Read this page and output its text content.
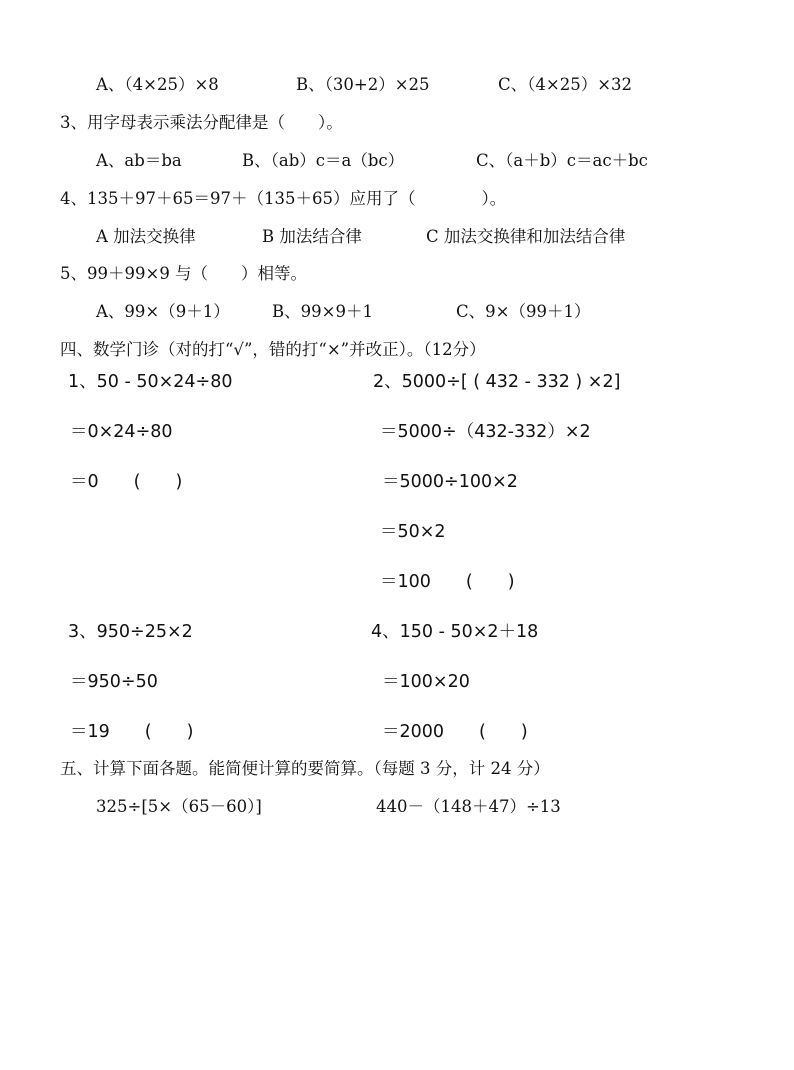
A、（4×25）×8	B、（30+2）×25	C、（4×25）×32
3、用字母表示乘法分配律是（　　）。
A、ab＝ba	B、（ab）c＝a（bc）	C、（a＋b）c＝ac＋bc
4、135＋97＋65＝97＋（135＋65）应用了（　　　　）。
A 加法交换律	B 加法结合律	C 加法交换律和加法结合律
5、99＋99×9 与（　　）相等。
A、99×（9＋1）	B、99×9＋1	C、9×（99＋1）
四、数学门诊（对的打“√”，错的打“×”并改正）。（12分）
1、50 - 50×24÷80
＝0×24÷80
＝0　　(　　)
2、5000÷[ ( 432 - 332 ) ×2]
＝5000÷（432-332）×2
＝5000÷100×2
＝50×2
＝100　　(　　)
3、950÷25×2
＝950÷50
＝19　　(　　)
4、150 - 50×2＋18
＝100×20
＝2000　　(　　)
五、计算下面各题。能简便计算的要简算。（每题 3 分，计 24 分）
325÷[5×（65－60）]	440－（148＋47）÷13
